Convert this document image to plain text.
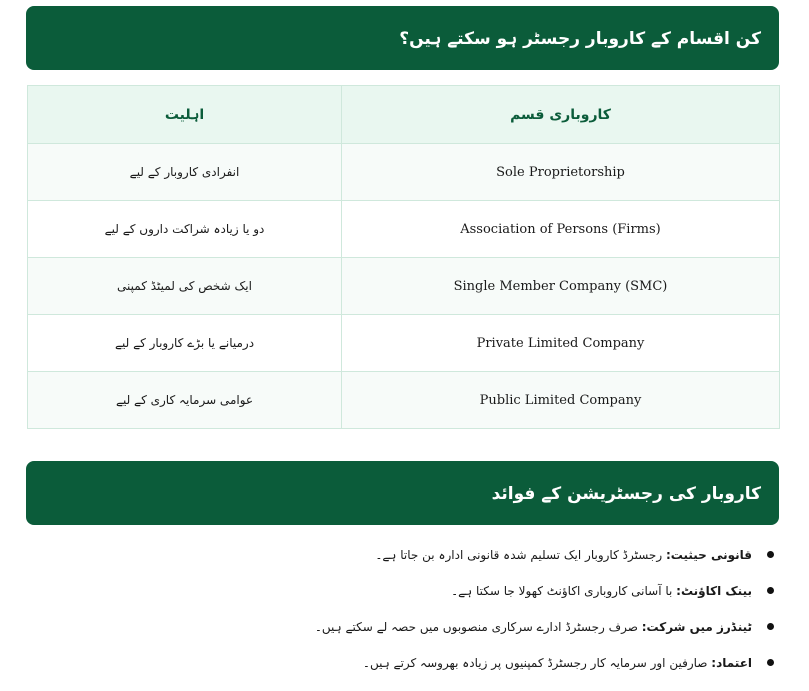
کن اقسام کے کاروبار رجسٹر ہو سکتے ہیں؟
اہلیت	کاروباری قسم
انفرادی کاروبار کے لیے	Sole Proprietorship
دو یا زیادہ شراکت داروں کے لیے	Association of Persons (Firms)
ایک شخص کی لمیٹڈ کمپنی	Single Member Company (SMC)
درمیانے یا بڑے کاروبار کے لیے	Private Limited Company
عوامی سرمایہ کاری کے لیے	Public Limited Company
کاروبار کی رجسٹریشن کے فوائد
قانونی حیثیت: رجسٹرڈ کاروبار ایک تسلیم شدہ قانونی ادارہ بن جاتا ہے۔
بینک اکاؤنٹ: با آسانی کاروباری اکاؤنٹ کھولا جا سکتا ہے۔
ٹینڈرز میں شرکت: صرف رجسٹرڈ ادارے سرکاری منصوبوں میں حصہ لے سکتے ہیں۔
اعتماد: صارفین اور سرمایہ کار رجسٹرڈ کمپنیوں پر زیادہ بھروسہ کرتے ہیں۔
